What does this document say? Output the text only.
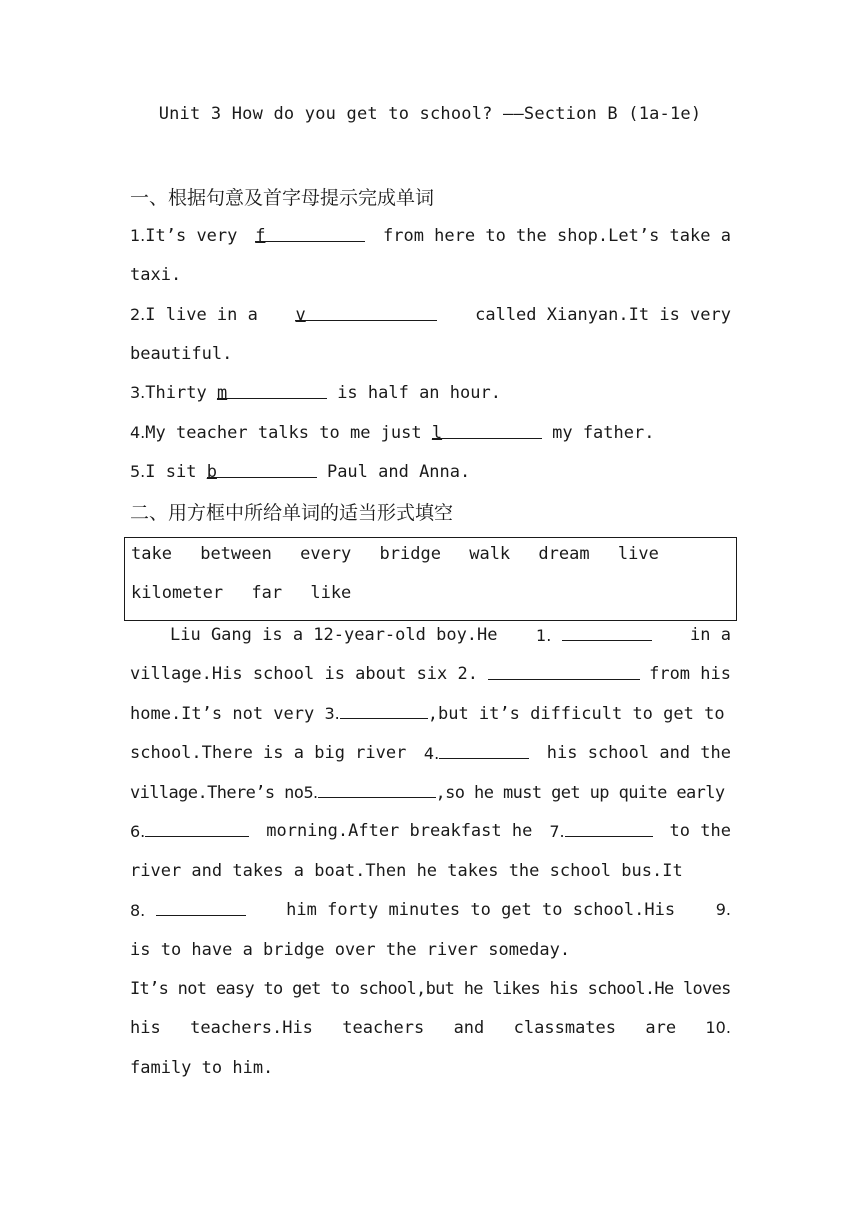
Unit 3 How do you get to school? ——Section B (1a-1e)
一、根据句意及首字母提示完成单词
1.It’s very f	from here to the shop.Let’s take a
taxi.
2.I live in a v	called Xianyan.It is very
beautiful.
3.Thirty m	is half an hour.
4.My teacher talks to me just l	my father.
5.I sit b	Paul and Anna.
二、用方框中所给单词的适当形式填空
take between every bridge walk dream live
kilometer far like
Liu Gang is a 12-year-old boy.He 1.	in a
village.His school is about six 2.	from his
home.It’s not very 3.	,but it’s difficult to get to
school.There is a big river 4.	his school and the
village.There’s no5.	,so he must get up quite early
6.	morning.After breakfast he 7.	to the
river and takes a boat.Then he takes the school bus.It
8.	him forty minutes to get to school.His	9.
is to have a bridge over the river someday.
It’s not easy to get to school,but he likes his school.He loves
his teachers.His teachers and classmates are 10.
family to him.
